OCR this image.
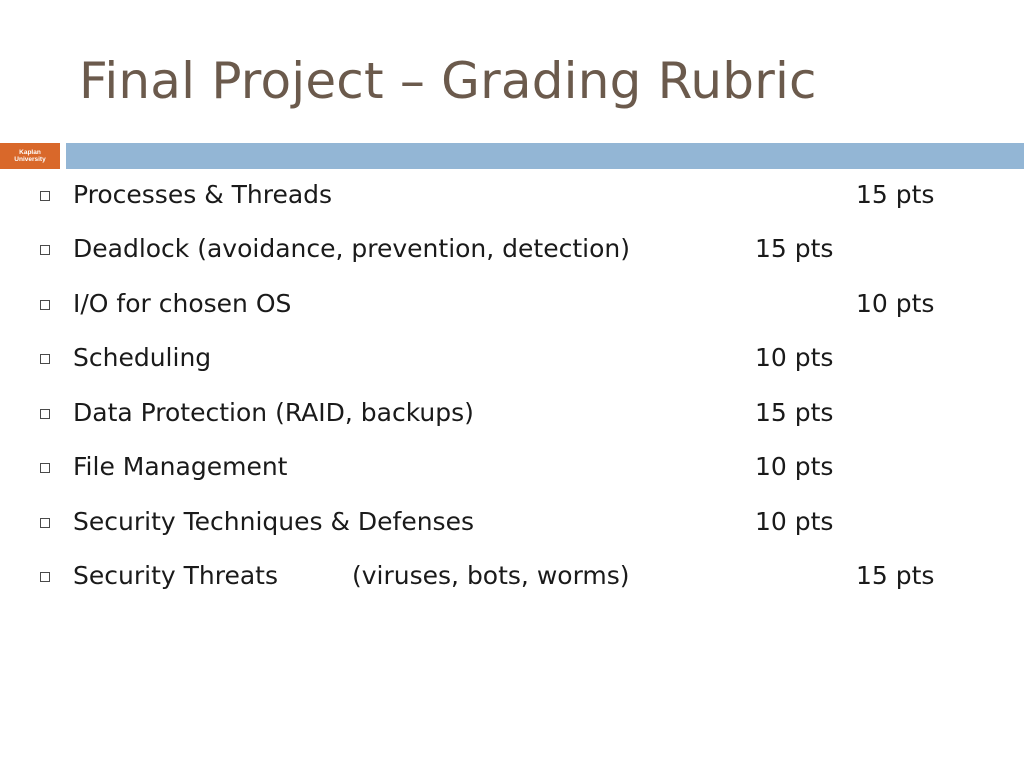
Final Project – Grading Rubric
Kaplan
University
Processes & Threads	15 pts
Deadlock (avoidance, prevention, detection)	15 pts
I/O for chosen OS	10 pts
Scheduling	10 pts
Data Protection (RAID, backups)	15 pts
File Management	10 pts
Security Techniques & Defenses	10 pts
Security Threats	(viruses, bots, worms)	15 pts
